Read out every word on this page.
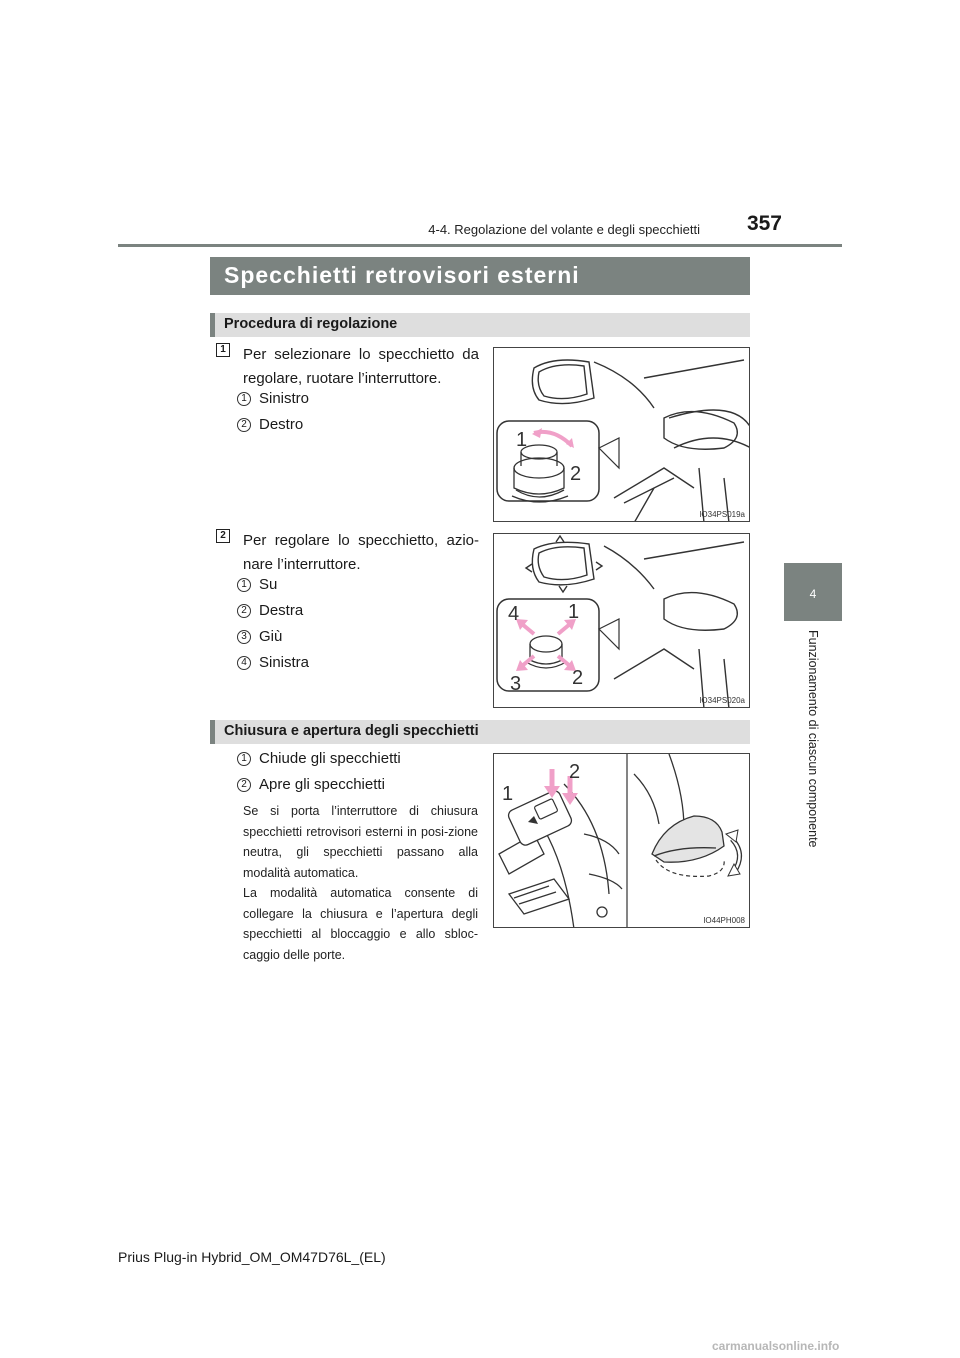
4-4. Regolazione del volante e degli specchietti	357
4
Funzionamento di ciascun componente
Specchietti retrovisori esterni
Procedura di regolazione
1 Per selezionare lo specchietto da regolare, ruotare l’interruttore.
1 Sinistro
2 Destro
1
2
IO34PS019a
2 Per regolare lo specchietto, azio-nare l’interruttore.
1 Su
2 Destra
3 Giù
4 Sinistra
1
2
3
4
IO34PS020a
Chiusura e apertura degli specchietti
1 Chiude gli specchietti
2 Apre gli specchietti
Se si porta l’interruttore di chiusura specchietti retrovisori esterni in posi-zione neutra, gli specchietti passano alla modalità automatica.
La modalità automatica consente di collegare la chiusura e l’apertura degli specchietti al bloccaggio e allo sbloc-caggio delle porte.
1
2
IO44PH008
Prius Plug-in Hybrid_OM_OM47D76L_(EL)
carmanualsonline.info
